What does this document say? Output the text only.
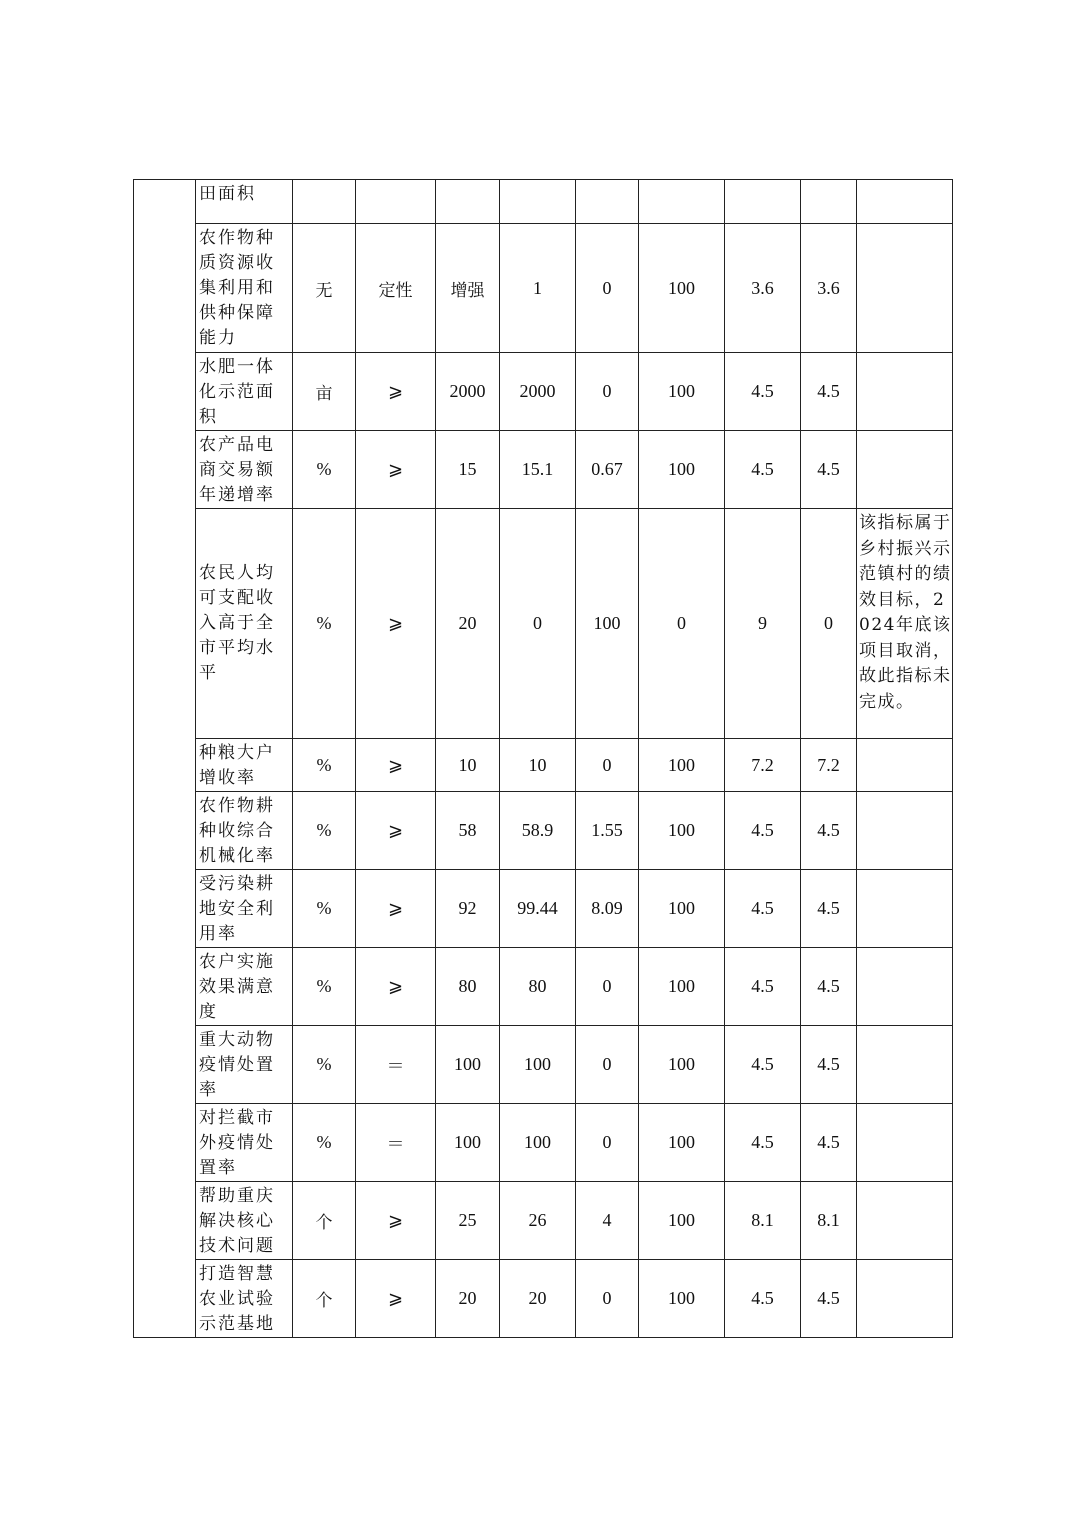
	田面积									
	农作物种质资源收集利用和供种保障能力	无	定性	增强	1	0	100	3.6	3.6	
	水肥一体化示范面积	亩	⩾	2000	2000	0	100	4.5	4.5	
	农产品电商交易额年递增率	%	⩾	15	15.1	0.67	100	4.5	4.5	
	农民人均可支配收入高于全市平均水平	%	⩾	20	0	100	0	9	0	该指标属于乡村振兴示范镇村的绩效目标，2024年底该项目取消，故此指标未完成。
	种粮大户增收率	%	⩾	10	10	0	100	7.2	7.2	
	农作物耕种收综合机械化率	%	⩾	58	58.9	1.55	100	4.5	4.5	
	受污染耕地安全利用率	%	⩾	92	99.44	8.09	100	4.5	4.5	
	农户实施效果满意度	%	⩾	80	80	0	100	4.5	4.5	
	重大动物疫情处置率	%	＝	100	100	0	100	4.5	4.5	
	对拦截市外疫情处置率	%	＝	100	100	0	100	4.5	4.5	
	帮助重庆解决核心技术问题	个	⩾	25	26	4	100	8.1	8.1	
	打造智慧农业试验示范基地	个	⩾	20	20	0	100	4.5	4.5	
